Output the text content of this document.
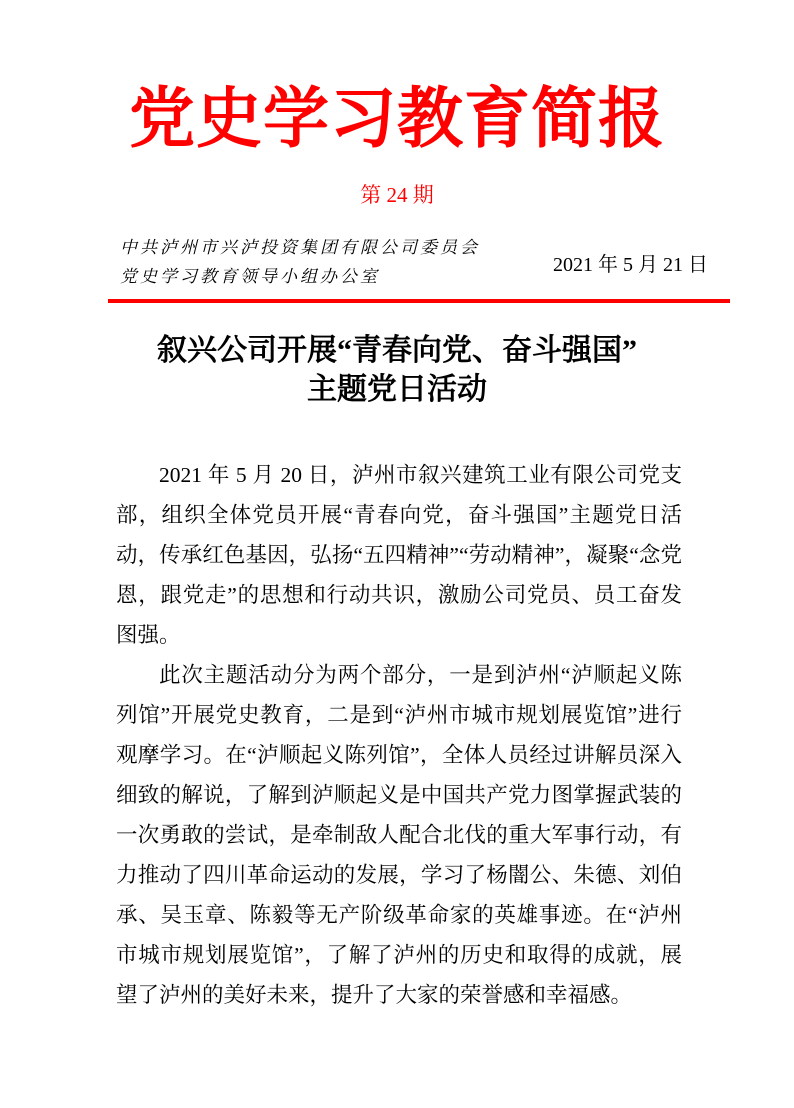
党史学习教育简报
第 24 期
中共泸州市兴泸投资集团有限公司委员会
党史学习教育领导小组办公室
2021 年 5 月 21 日
叙兴公司开展“青春向党、奋斗强国”
主题党日活动

2021 年 5 月 20 日，泸州市叙兴建筑工业有限公司党支部，组织全体党员开展“青春向党，奋斗强国”主题党日活动，传承红色基因，弘扬“五四精神”“劳动精神”，凝聚“念党恩，跟党走”的思想和行动共识，激励公司党员、员工奋发图强。

此次主题活动分为两个部分，一是到泸州“泸顺起义陈列馆”开展党史教育，二是到“泸州市城市规划展览馆”进行观摩学习。在“泸顺起义陈列馆”，全体人员经过讲解员深入细致的解说，了解到泸顺起义是中国共产党力图掌握武装的一次勇敢的尝试，是牵制敌人配合北伐的重大军事行动，有力推动了四川革命运动的发展，学习了杨闇公、朱德、刘伯承、吴玉章、陈毅等无产阶级革命家的英雄事迹。在“泸州市城市规划展览馆”，了解了泸州的历史和取得的成就，展望了泸州的美好未来，提升了大家的荣誉感和幸福感。
